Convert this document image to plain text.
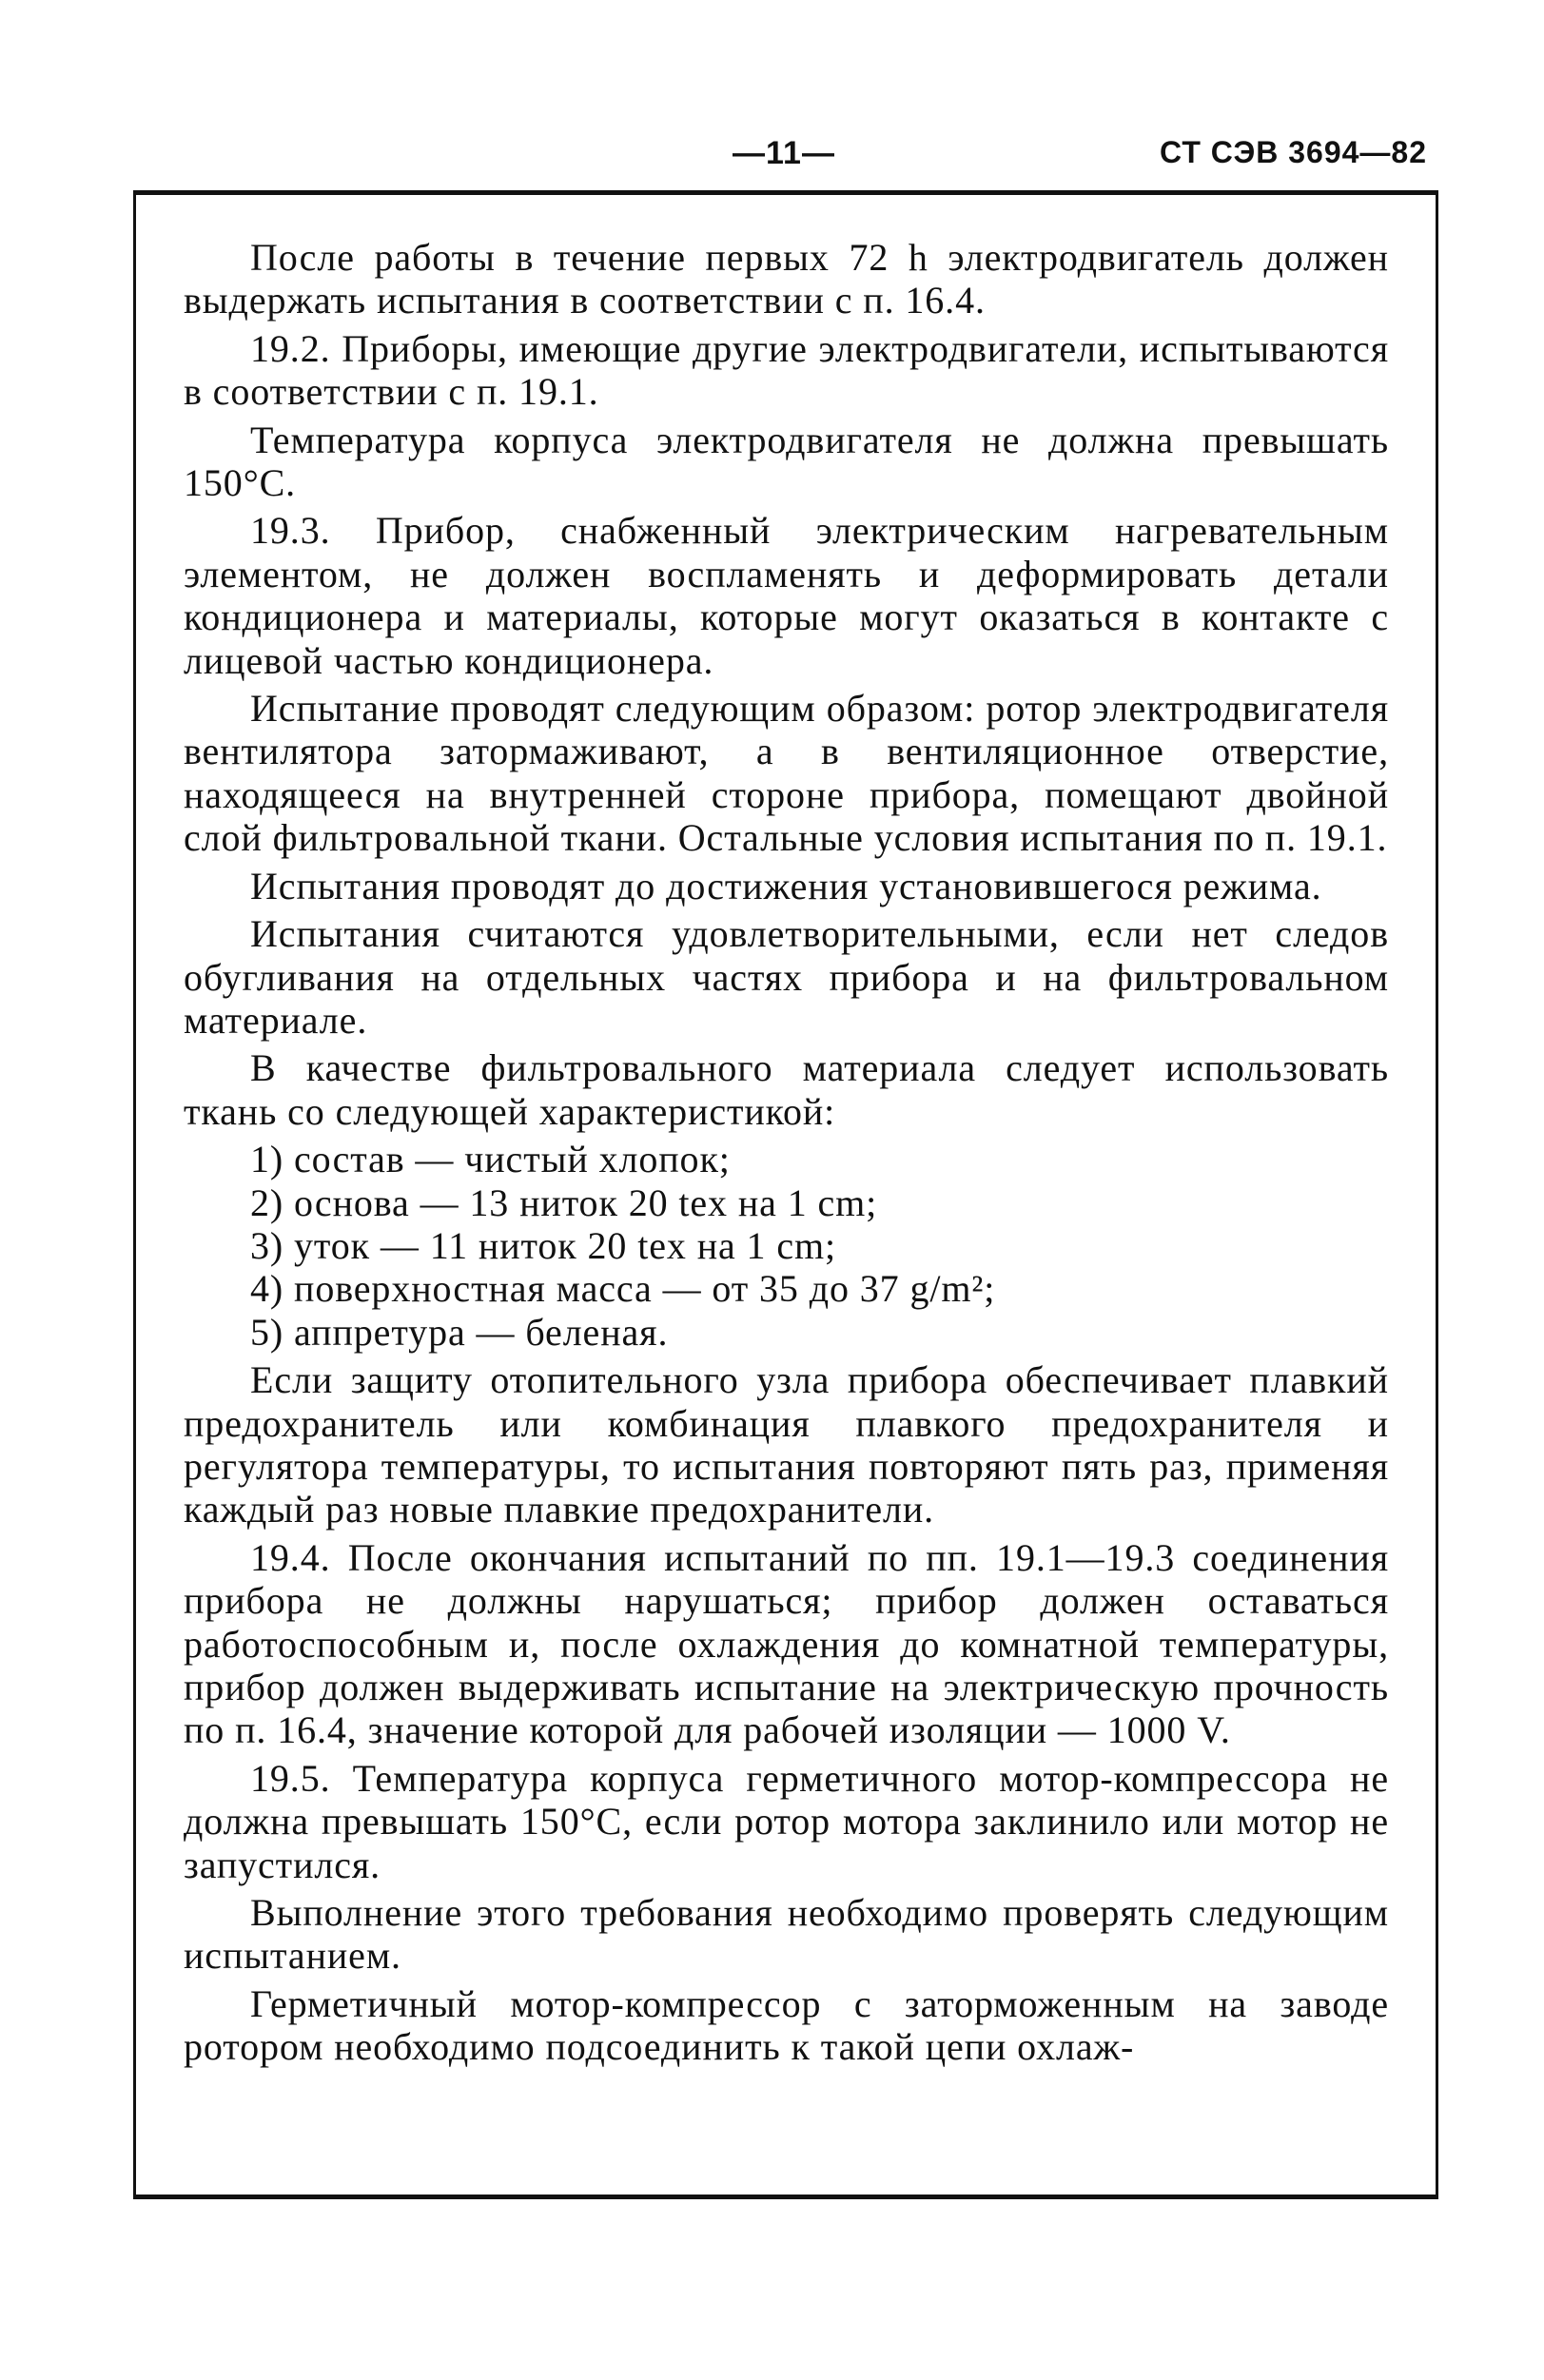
—11—	СТ СЭВ 3694—82

После работы в течение первых 72 h электродвигатель должен выдержать испытания в соответствии с п. 16.4.

19.2. Приборы, имеющие другие электродвигатели, испытываются в соответствии с п. 19.1.

Температура корпуса электродвигателя не должна превышать 150°С.

19.3. Прибор, снабженный электрическим нагревательным элементом, не должен воспламенять и деформировать детали кондиционера и материалы, которые могут оказаться в контакте с лицевой частью кондиционера.

Испытание проводят следующим образом: ротор электродвигателя вентилятора затормаживают, а в вентиляционное отверстие, находящееся на внутренней стороне прибора, помещают двойной слой фильтровальной ткани. Остальные условия испытания по п. 19.1.

Испытания проводят до достижения установившегося режима.

Испытания считаются удовлетворительными, если нет следов обугливания на отдельных частях прибора и на фильтровальном материале.

В качестве фильтровального материала следует использовать ткань со следующей характеристикой:

1) состав — чистый хлопок;

2) основа — 13 ниток 20 tex на 1 cm;

3) уток — 11 ниток 20 tex на 1 cm;

4) поверхностная масса — от 35 до 37 g/m²;

5) аппретура — беленая.

Если защиту отопительного узла прибора обеспечивает плавкий предохранитель или комбинация плавкого предохранителя и регулятора температуры, то испытания повторяют пять раз, применяя каждый раз новые плавкие предохранители.

19.4. После окончания испытаний по пп. 19.1—19.3 соединения прибора не должны нарушаться; прибор должен оставаться работоспособным и, после охлаждения до комнатной температуры, прибор должен выдерживать испытание на электрическую прочность по п. 16.4, значение которой для рабочей изоляции — 1000 V.

19.5. Температура корпуса герметичного мотор-компрессора не должна превышать 150°С, если ротор мотора заклинило или мотор не запустился.

Выполнение этого требования необходимо проверять следующим испытанием.

Герметичный мотор-компрессор с заторможенным на заводе ротором необходимо подсоединить к такой цепи охлаж-
